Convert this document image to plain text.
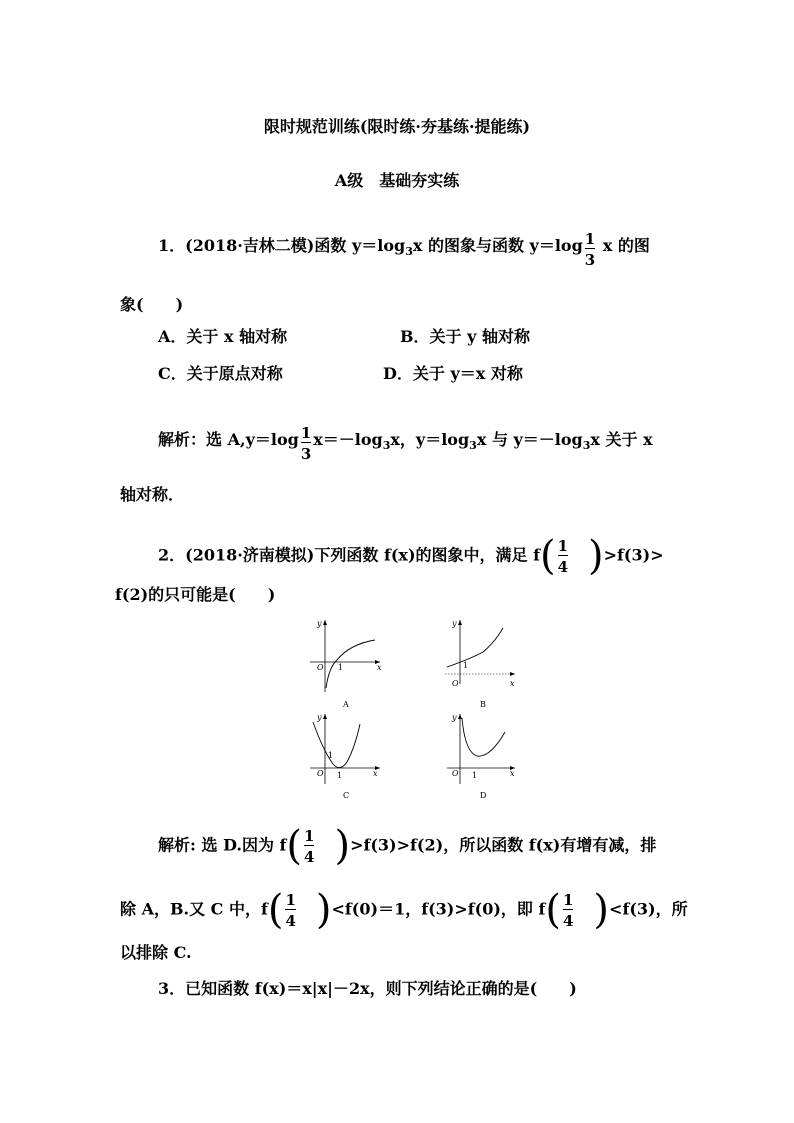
限时规范训练(限时练·夯基练·提能练)
A级　基础夯实练
1．(2018·吉林二模)函数 $y=\log_3x$ 的图象与函数 $y=\log \frac{1}{3}$ x 的图
象(　　)
A．关于 x 轴对称	B．关于 y 轴对称
C．关于原点对称	D．关于 y＝x 对称
解析：选 $A,y=\log \frac{1}{3} x=-\log_3x$，$y=\log_3x$ 与 $y=-\log_3x$ 关于 x
轴对称．
2．(2018·济南模拟)下列函数 f(x)的图象中，满足 $f( \frac{1}{4} )>f(3)>$
f(2)的只可能是(　　)
y
x
O 1
A
y
x
O
1
B
y
x
O
1
1
C
y
x
O 1
D
解析: 选 D.因为 $f( \frac{1}{4} )>f(3)>f(2)$，所以函数 f(x)有增有减，排
除 A，B.又 C 中，$f( \frac{1}{4} )<f(0)=1$，f(3)>f(0)，即 $f( \frac{1}{4} )<f(3)$，所
以排除 C.
3．已知函数 f(x)＝x|x|－2x，则下列结论正确的是(　　)
